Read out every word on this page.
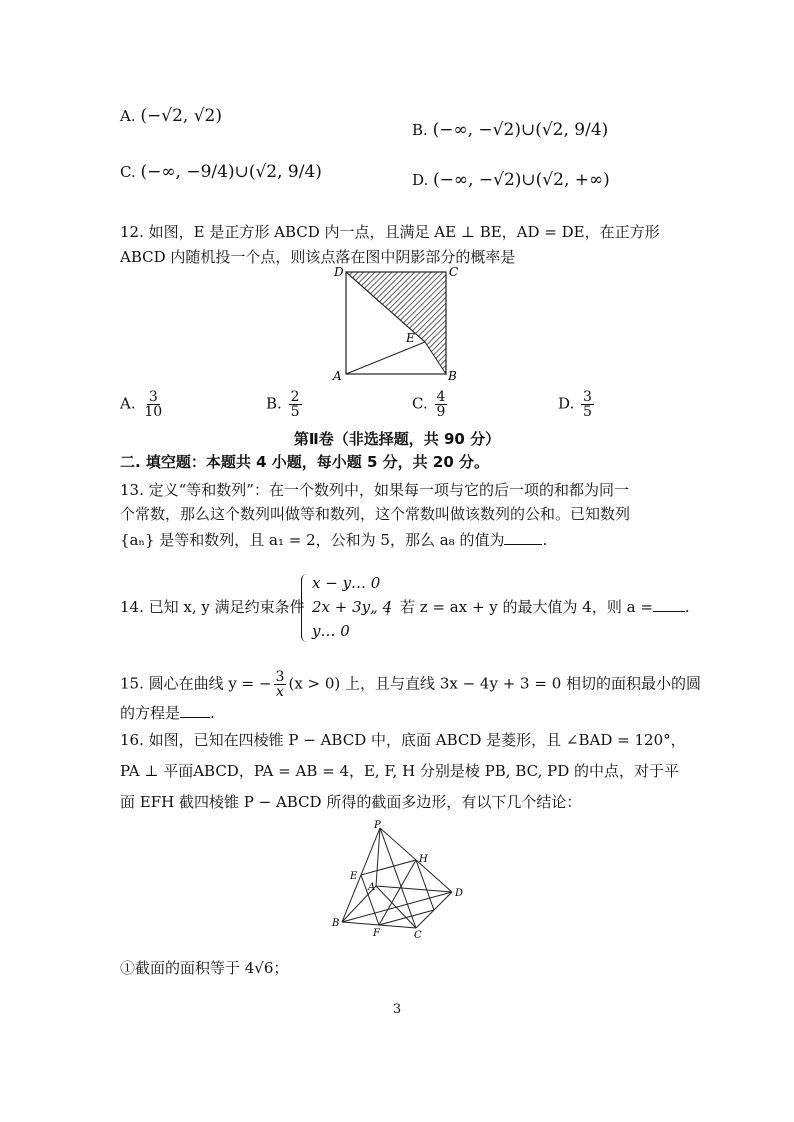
A. (−√2, √2)
B. (−∞, −√2)∪(√2, 9/4)
C. (−∞, −9/4)∪(√2, 9/4)	D. (−∞, −√2)∪(√2, +∞)
12. 如图，E 是正方形 ABCD 内一点，且满足 AE ⊥ BE，AD = DE，在正方形
ABCD 内随机投一个点，则该点落在图中阴影部分的概率是
D	C
E
A	B
A. $\frac{3}{10}$	B. $\frac{2}{5}$	C. $\frac{4}{9}$	D. $\frac{3}{5}$
第Ⅱ卷（非选择题，共 90 分）
二. 填空题：本题共 4 小题，每小题 5 分，共 20 分。
13. 定义“等和数列”：在一个数列中，如果每一项与它的后一项的和都为同一
个常数，那么这个数列叫做等和数列，这个常数叫做该数列的公和。已知数列
{aₙ} 是等和数列，且 a₁ = 2，公和为 5，那么 a₈ 的值为	.
14. 已知 x, y 满足约束条件
x − y… 0
2x + 3y„ 4
y… 0
，若 z = ax + y 的最大值为 4，则 a = .
15. 圆心在曲线 y = − $\frac{3}{x} (x > 0)$ 上，且与直线 3x − 4y + 3 = 0 相切的面积最小的圆
的方程是 .
16. 如图，已知在四棱锥 P − ABCD 中，底面 ABCD 是菱形，且 ∠BAD = 120°，
PA ⊥ 平面ABCD，PA = AB = 4，E, F, H 分别是棱 PB, BC, PD 的中点，对于平
面 EFH 截四棱锥 P − ABCD 所得的截面多边形，有以下几个结论：
P
H
E
A
D
B
F	C
①截面的面积等于 4√6；
3
